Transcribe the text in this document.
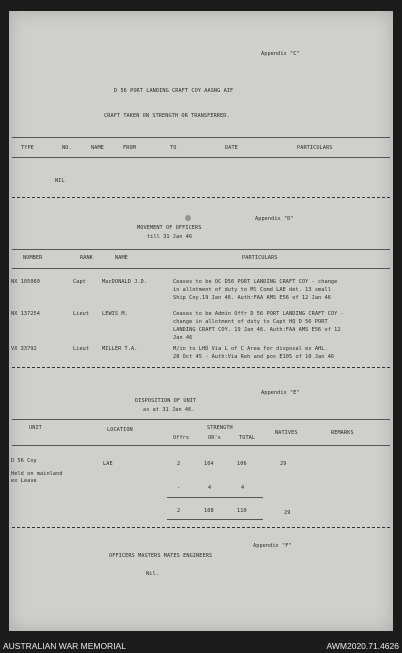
Appendix "C"
D 56 PORT LANDING CRAFT COY AASNG AIF
CRAFT TAKEN ON STRENGTH OR TRANSFERRED.
TYPE	NO.	NAME	FROM	TO	DATE	PARTICULARS
NIL
Appendix "D"
MOVEMENT OF OFFICERS
till 31 Jan 46
NUMBER	RANK	NAME	PARTICULARS
NX 105060	Capt	MacDONALD J.D.	Ceases to be OC D56 PORT LANDING CRAFT COY - change
in allotment of duty to Ml Comd LAE det. 13 small
Ship Coy.19 Jan 46. Auth:FAA AMS E56 of 12 Jan 46
NX 137254	Lieut LEWIS M.	Ceases to be Admin Offr D 56 PORT LANDING CRAFT COY -
change in allotment of duty to Capt HQ D 56 PORT
LANDING CRAFT COY. 19 Jan 46. Auth:FAA AMS E56 of 12
Jan 46
VX 33792	Lieut MILLER T.A.	M/in to LHD Via L of C Area for disposal ex AHL.
28 Oct 45 - Auth:Via Reh and pos E105 of 10 Jan 46
Appendix "E"
DISPOSITION OF UNIT
as at 31 Jan 46.
UNIT	LOCATION	STRENGTH
Offrs	OR's	TOTAL
NATIVES	REMARKS
D 56 Coy	LAE	2	104	106	29
Held on mainland
ex Leave
-	4	4
2	108	110	29
Appendix "F"
OFFICERS MASTERS MATES ENGINEERS
Nil.
AUSTRALIAN WAR MEMORIAL	AWM2020.71.4626
